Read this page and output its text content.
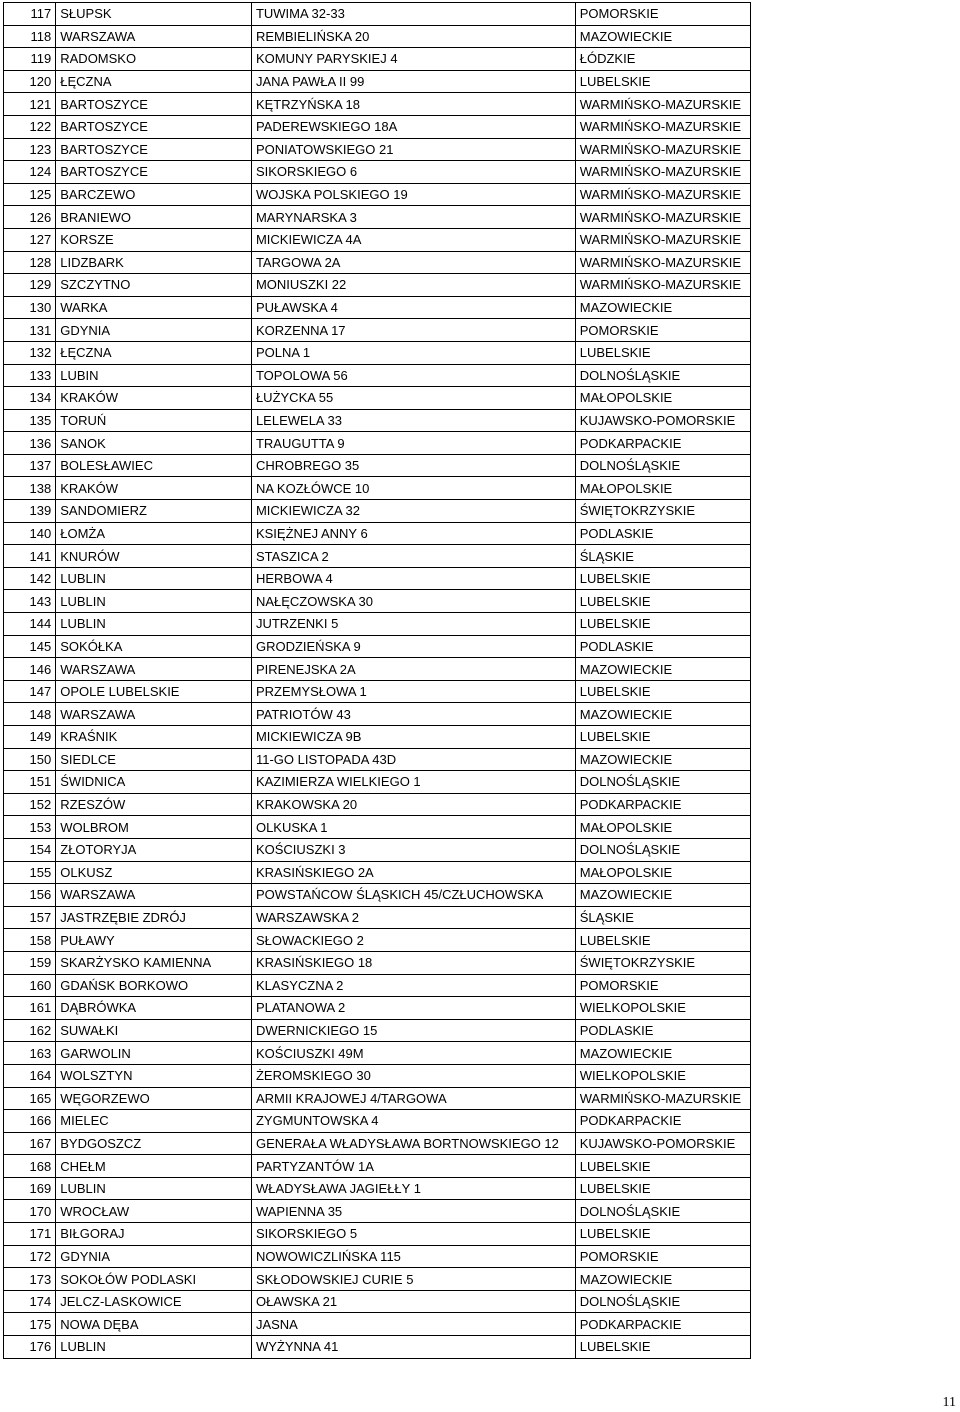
117	SŁUPSK	TUWIMA 32-33	POMORSKIE
118	WARSZAWA	REMBIELIŃSKA 20	MAZOWIECKIE
119	RADOMSKO	KOMUNY PARYSKIEJ 4	ŁÓDZKIE
120	ŁĘCZNA	JANA PAWŁA II 99	LUBELSKIE
121	BARTOSZYCE	KĘTRZYŃSKA 18	WARMIŃSKO-MAZURSKIE
122	BARTOSZYCE	PADEREWSKIEGO 18A	WARMIŃSKO-MAZURSKIE
123	BARTOSZYCE	PONIATOWSKIEGO 21	WARMIŃSKO-MAZURSKIE
124	BARTOSZYCE	SIKORSKIEGO 6	WARMIŃSKO-MAZURSKIE
125	BARCZEWO	WOJSKA POLSKIEGO 19	WARMIŃSKO-MAZURSKIE
126	BRANIEWO	MARYNARSKA 3	WARMIŃSKO-MAZURSKIE
127	KORSZE	MICKIEWICZA 4A	WARMIŃSKO-MAZURSKIE
128	LIDZBARK	TARGOWA 2A	WARMIŃSKO-MAZURSKIE
129	SZCZYTNO	MONIUSZKI 22	WARMIŃSKO-MAZURSKIE
130	WARKA	PUŁAWSKA 4	MAZOWIECKIE
131	GDYNIA	KORZENNA 17	POMORSKIE
132	ŁĘCZNA	POLNA 1	LUBELSKIE
133	LUBIN	TOPOLOWA 56	DOLNOŚLĄSKIE
134	KRAKÓW	ŁUŻYCKA 55	MAŁOPOLSKIE
135	TORUŃ	LELEWELA 33	KUJAWSKO-POMORSKIE
136	SANOK	TRAUGUTTA 9	PODKARPACKIE
137	BOLESŁAWIEC	CHROBREGO 35	DOLNOŚLĄSKIE
138	KRAKÓW	NA KOZŁÓWCE 10	MAŁOPOLSKIE
139	SANDOMIERZ	MICKIEWICZA 32	ŚWIĘTOKRZYSKIE
140	ŁOMŻA	KSIĘŻNEJ ANNY 6	PODLASKIE
141	KNURÓW	STASZICA 2	ŚLĄSKIE
142	LUBLIN	HERBOWA 4	LUBELSKIE
143	LUBLIN	NAŁĘCZOWSKA 30	LUBELSKIE
144	LUBLIN	JUTRZENKI 5	LUBELSKIE
145	SOKÓŁKA	GRODZIEŃSKA 9	PODLASKIE
146	WARSZAWA	PIRENEJSKA 2A	MAZOWIECKIE
147	OPOLE LUBELSKIE	PRZEMYSŁOWA 1	LUBELSKIE
148	WARSZAWA	PATRIOTÓW 43	MAZOWIECKIE
149	KRAŚNIK	MICKIEWICZA 9B	LUBELSKIE
150	SIEDLCE	11-GO LISTOPADA 43D	MAZOWIECKIE
151	ŚWIDNICA	KAZIMIERZA WIELKIEGO 1	DOLNOŚLĄSKIE
152	RZESZÓW	KRAKOWSKA 20	PODKARPACKIE
153	WOLBROM	OLKUSKA 1	MAŁOPOLSKIE
154	ZŁOTORYJA	KOŚCIUSZKI 3	DOLNOŚLĄSKIE
155	OLKUSZ	KRASIŃSKIEGO 2A	MAŁOPOLSKIE
156	WARSZAWA	POWSTAŃCOW ŚLĄSKICH 45/CZŁUCHOWSKA	MAZOWIECKIE
157	JASTRZĘBIE ZDRÓJ	WARSZAWSKA 2	ŚLĄSKIE
158	PUŁAWY	SŁOWACKIEGO 2	LUBELSKIE
159	SKARŻYSKO KAMIENNA	KRASIŃSKIEGO 18	ŚWIĘTOKRZYSKIE
160	GDAŃSK BORKOWO	KLASYCZNA 2	POMORSKIE
161	DĄBRÓWKA	PLATANOWA 2	WIELKOPOLSKIE
162	SUWAŁKI	DWERNICKIEGO 15	PODLASKIE
163	GARWOLIN	KOŚCIUSZKI 49M	MAZOWIECKIE
164	WOLSZTYN	ŻEROMSKIEGO 30	WIELKOPOLSKIE
165	WĘGORZEWO	ARMII KRAJOWEJ 4/TARGOWA	WARMIŃSKO-MAZURSKIE
166	MIELEC	ZYGMUNTOWSKA 4	PODKARPACKIE
167	BYDGOSZCZ	GENERAŁA WŁADYSŁAWA BORTNOWSKIEGO 12	KUJAWSKO-POMORSKIE
168	CHEŁM	PARTYZANTÓW 1A	LUBELSKIE
169	LUBLIN	WŁADYSŁAWA JAGIEŁŁY 1	LUBELSKIE
170	WROCŁAW	WAPIENNA 35	DOLNOŚLĄSKIE
171	BIŁGORAJ	SIKORSKIEGO 5	LUBELSKIE
172	GDYNIA	NOWOWICZLIŃSKA 115	POMORSKIE
173	SOKOŁÓW PODLASKI	SKŁODOWSKIEJ CURIE 5	MAZOWIECKIE
174	JELCZ-LASKOWICE	OŁAWSKA 21	DOLNOŚLĄSKIE
175	NOWA DĘBA	JASNA	PODKARPACKIE
176	LUBLIN	WYŻYNNA 41	LUBELSKIE
11
